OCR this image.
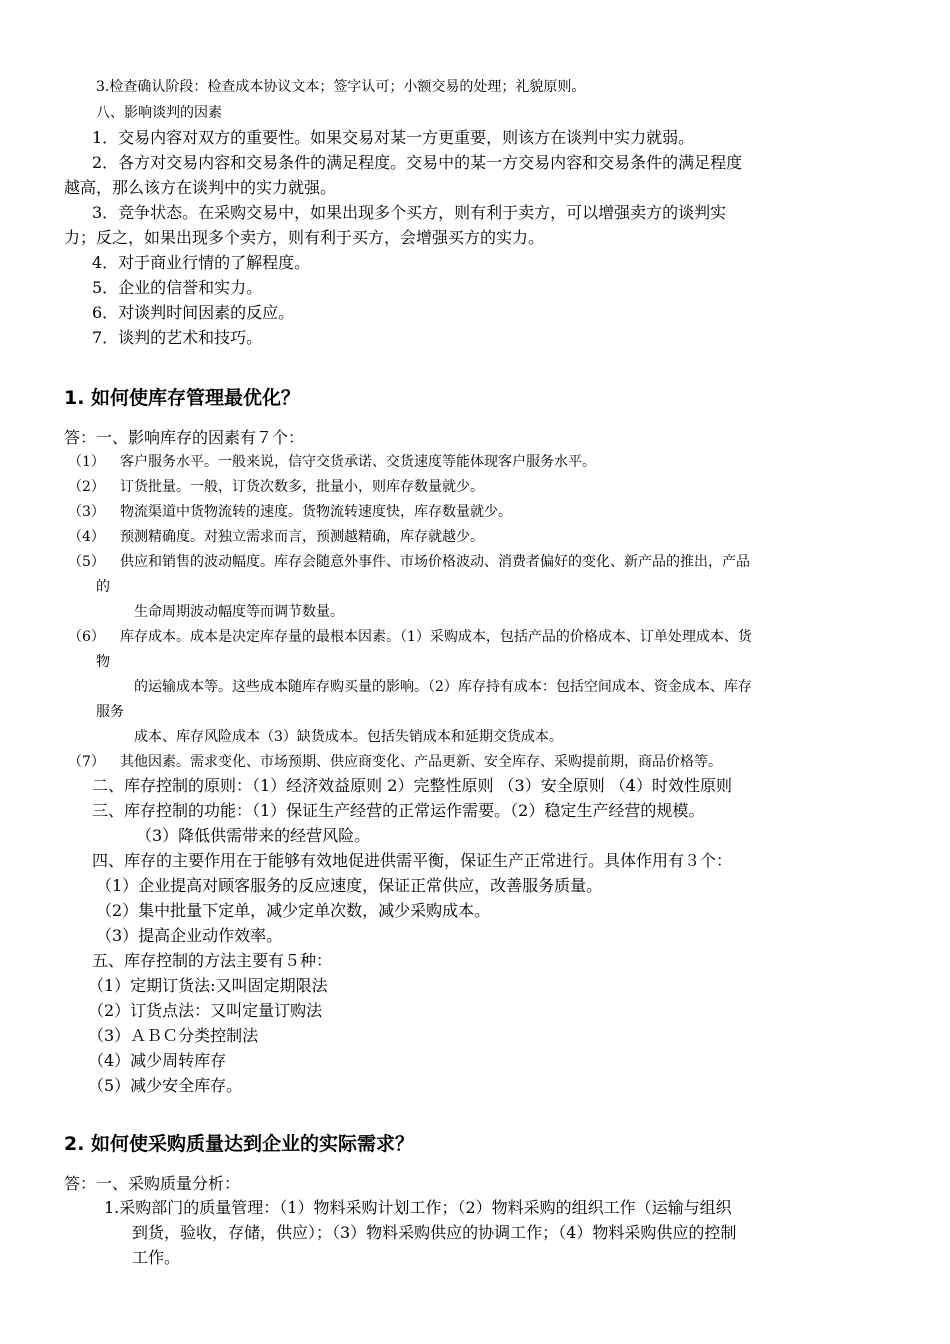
3.检查确认阶段：检查成本协议文本；签字认可；小额交易的处理；礼貌原则。
八、影响谈判的因素
1．交易内容对双方的重要性。如果交易对某一方更重要，则该方在谈判中实力就弱。
2．各方对交易内容和交易条件的满足程度。交易中的某一方交易内容和交易条件的满足程度
越高，那么该方在谈判中的实力就强。
3．竞争状态。在采购交易中，如果出现多个买方，则有利于卖方，可以增强卖方的谈判实
力；反之，如果出现多个卖方，则有利于买方，会增强买方的实力。
4．对于商业行情的了解程度。
5．企业的信誉和实力。
6．对谈判时间因素的反应。
7．谈判的艺术和技巧。
1. 如何使库存管理最优化？
答：一、影响库存的因素有７个：
（1） 客户服务水平。一般来说，信守交货承诺、交货速度等能体现客户服务水平。
（2） 订货批量。一般，订货次数多，批量小，则库存数量就少。
（3） 物流渠道中货物流转的速度。货物流转速度快，库存数量就少。
（4） 预测精确度。对独立需求而言，预测越精确，库存就越少。
（5） 供应和销售的波动幅度。库存会随意外事件、市场价格波动、消费者偏好的变化、新产品的推出，产品
的
生命周期波动幅度等而调节数量。
（6） 库存成本。成本是决定库存量的最根本因素。（1）采购成本，包括产品的价格成本、订单处理成本、货
物
的运输成本等。这些成本随库存购买量的影响。（2）库存持有成本：包括空间成本、资金成本、库存
服务
成本、库存风险成本（3）缺货成本。包括失销成本和延期交货成本。
（7） 其他因素。需求变化、市场预期、供应商变化、产品更新、安全库存、采购提前期，商品价格等。
二、库存控制的原则：（1）经济效益原则 2）完整性原则 （3）安全原则 （4）时效性原则
三、库存控制的功能：（1）保证生产经营的正常运作需要。（2）稳定生产经营的规模。
（3）降低供需带来的经营风险。
四、库存的主要作用在于能够有效地促进供需平衡，保证生产正常进行。具体作用有３个：
（1）企业提高对顾客服务的反应速度，保证正常供应，改善服务质量。
（2）集中批量下定单，减少定单次数，减少采购成本。
（3）提高企业动作效率。
五、库存控制的方法主要有５种：
（1）定期订货法:又叫固定期限法
（2）订货点法：又叫定量订购法
（3）ＡＢＣ分类控制法
（4）减少周转库存
（5）减少安全库存。
2. 如何使采购质量达到企业的实际需求？
答：一、采购质量分析：
1.采购部门的质量管理：（1）物料采购计划工作；（2）物料采购的组织工作（运输与组织
到货，验收，存储，供应）；（3）物料采购供应的协调工作；（4）物料采购供应的控制
工作。
